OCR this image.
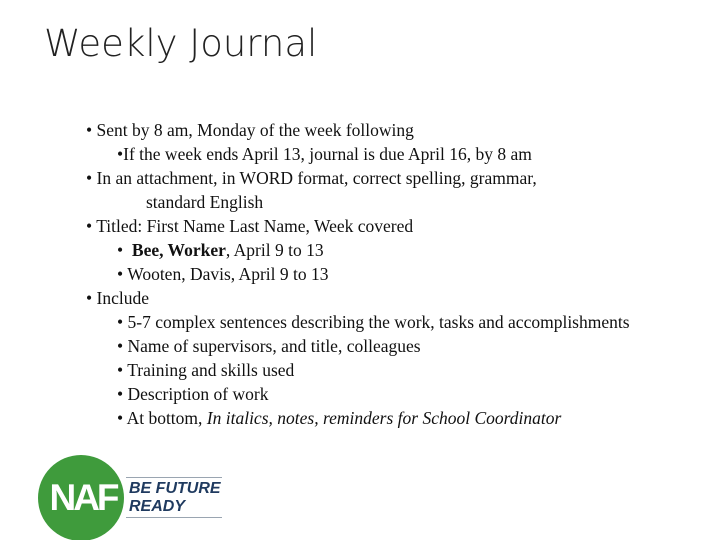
Weekly Journal
• Sent by 8 am, Monday of the week following
•If the week ends April 13, journal is due April 16, by 8 am
• In an attachment, in WORD format, correct spelling, grammar,
standard English
• Titled: First Name Last Name, Week covered
• Bee, Worker, April 9 to 13
• Wooten, Davis, April 9 to 13
• Include
• 5-7 complex sentences describing the work, tasks and accomplishments
• Name of supervisors, and title, colleagues
• Training and skills used
• Description of work
• At bottom, In italics, notes, reminders for School Coordinator
NAF BE FUTURE
READY
